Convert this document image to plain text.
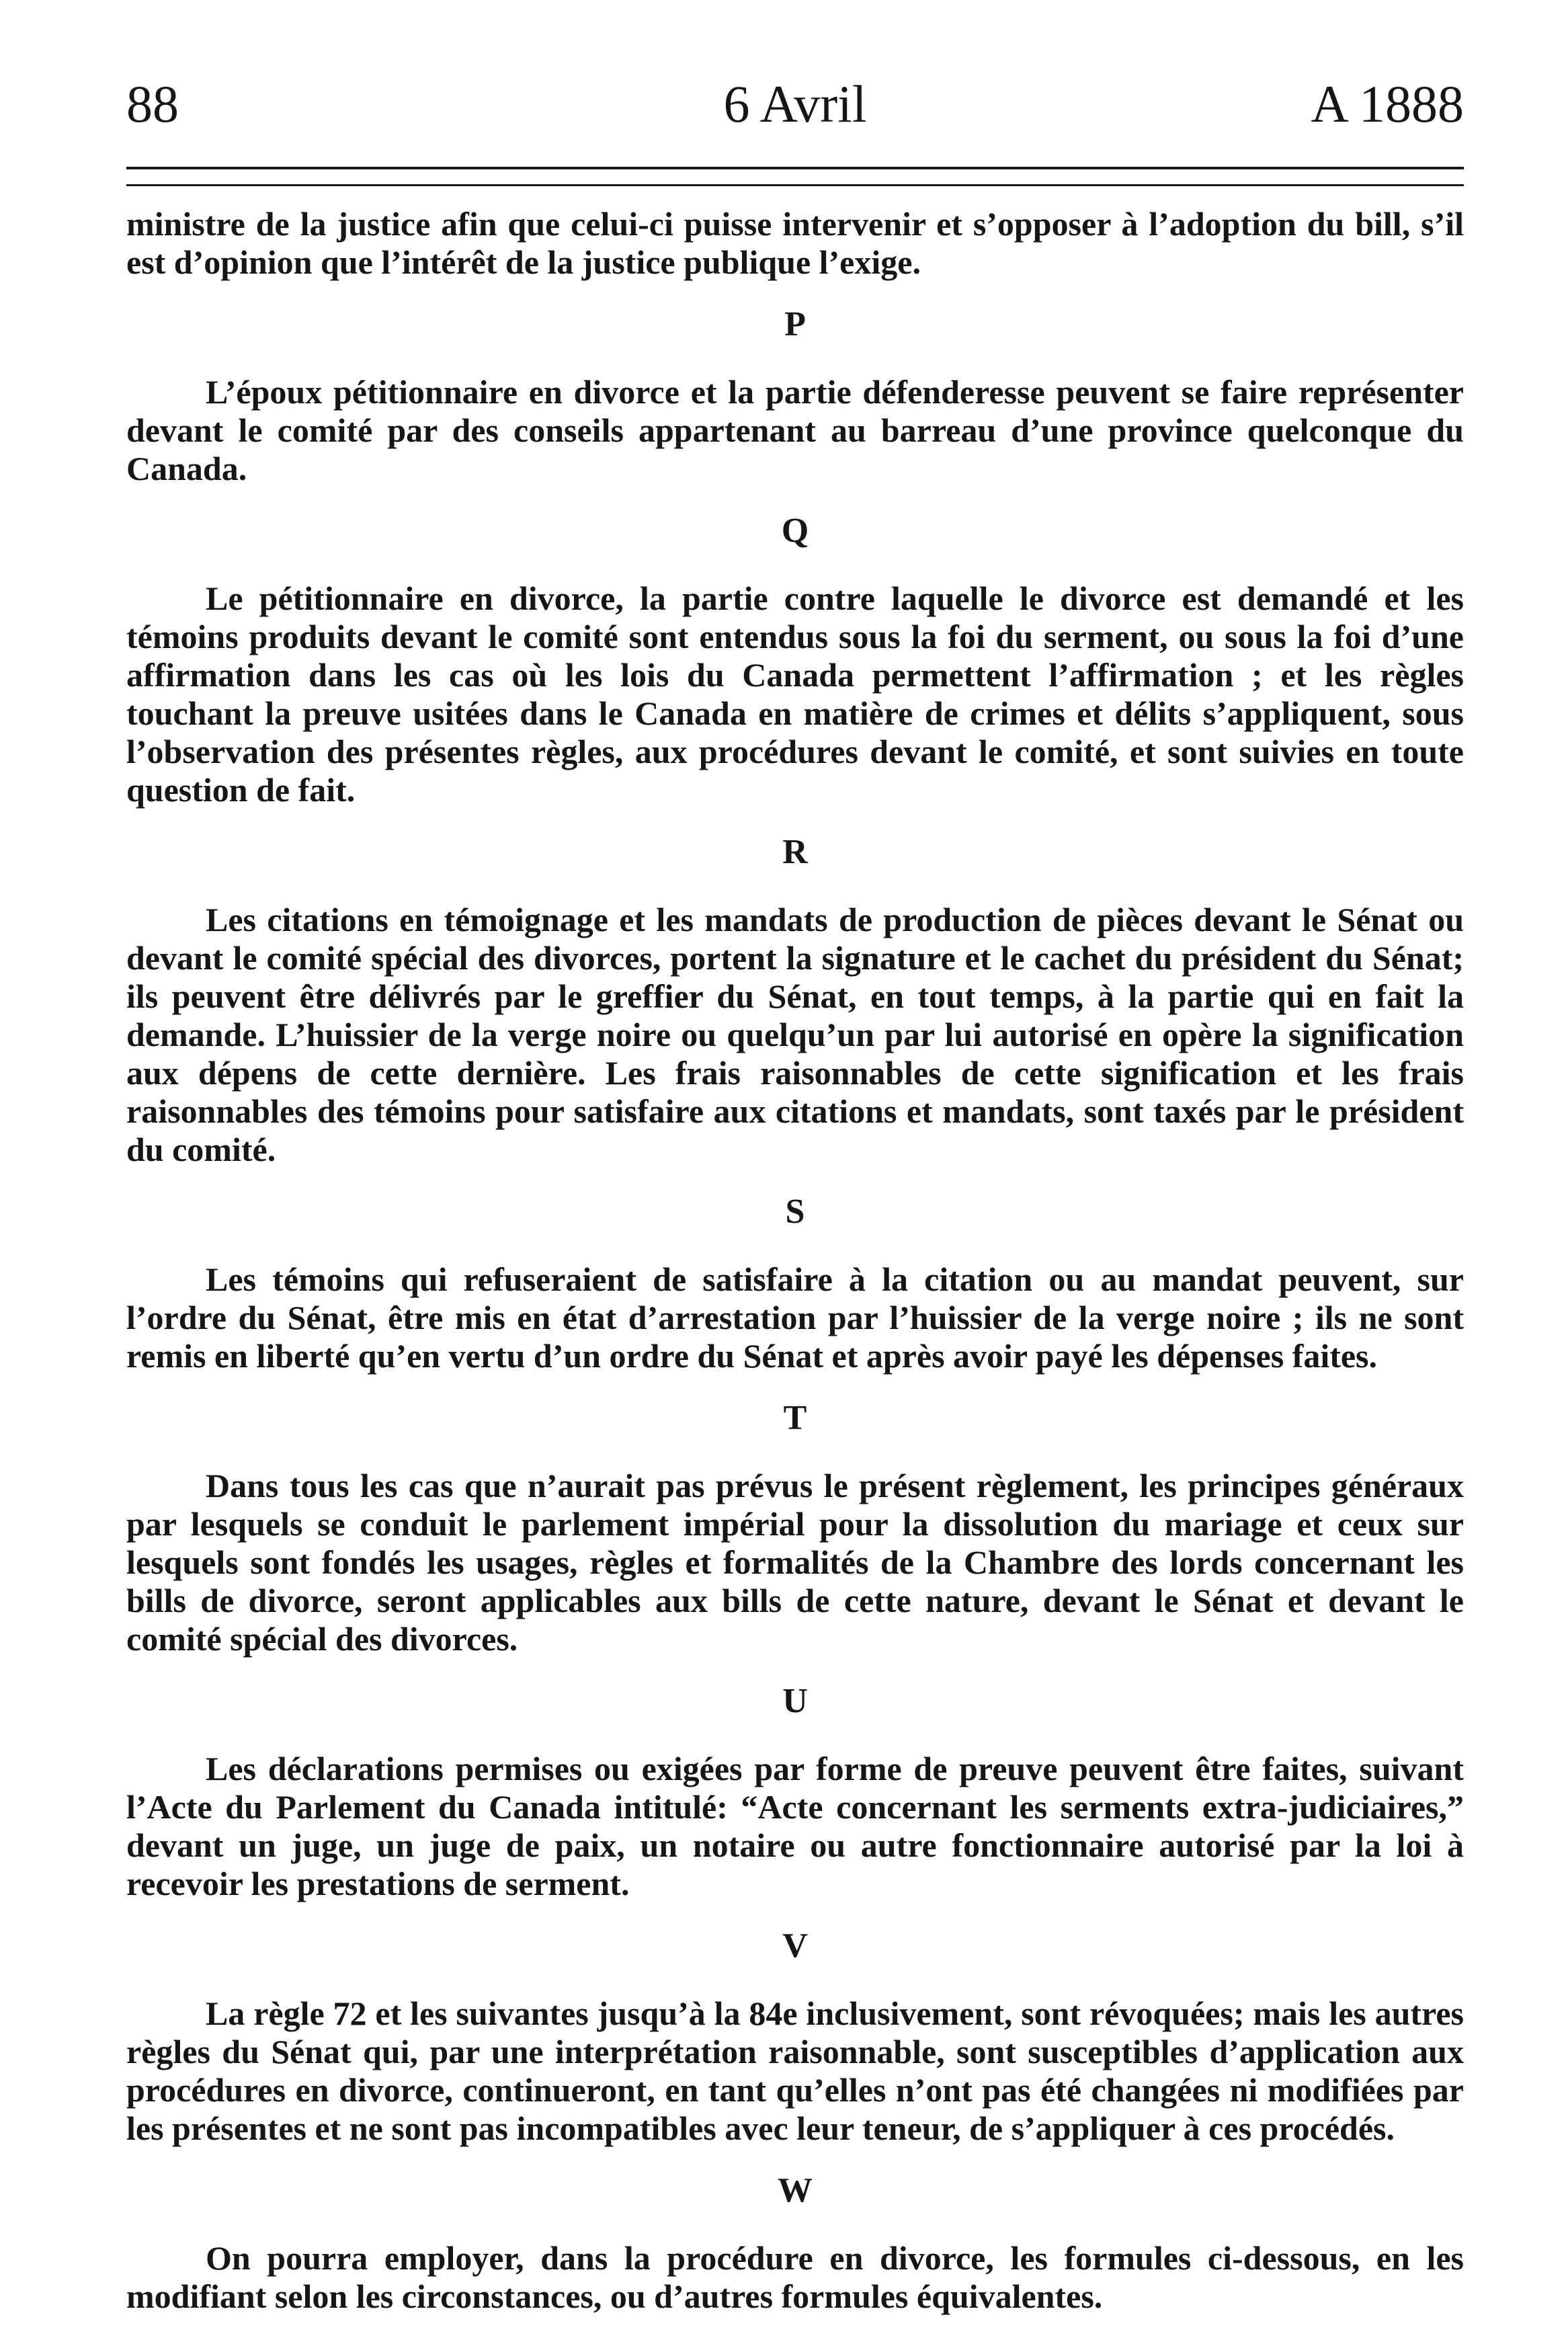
88	6 Avril	A 1888

ministre de la justice afin que celui-ci puisse intervenir et s’opposer à l’adoption du bill, s’il est d’opinion que l’intérêt de la justice publique l’exige.

P

L’époux pétitionnaire en divorce et la partie défenderesse peuvent se faire représenter devant le comité par des conseils appartenant au barreau d’une province quelconque du Canada.

Q

Le pétitionnaire en divorce, la partie contre laquelle le divorce est demandé et les témoins produits devant le comité sont entendus sous la foi du serment, ou sous la foi d’une affirmation dans les cas où les lois du Canada permettent l’affirmation ; et les règles touchant la preuve usitées dans le Canada en matière de crimes et délits s’appliquent, sous l’observation des présentes règles, aux procédures devant le comité, et sont suivies en toute question de fait.

R

Les citations en témoignage et les mandats de production de pièces devant le Sénat ou devant le comité spécial des divorces, portent la signature et le cachet du président du Sénat; ils peuvent être délivrés par le greffier du Sénat, en tout temps, à la partie qui en fait la demande. L’huissier de la verge noire ou quelqu’un par lui autorisé en opère la signification aux dépens de cette dernière. Les frais raisonnables de cette signification et les frais raisonnables des témoins pour satisfaire aux citations et mandats, sont taxés par le président du comité.

S

Les témoins qui refuseraient de satisfaire à la citation ou au mandat peuvent, sur l’ordre du Sénat, être mis en état d’arrestation par l’huissier de la verge noire ; ils ne sont remis en liberté qu’en vertu d’un ordre du Sénat et après avoir payé les dépenses faites.

T

Dans tous les cas que n’aurait pas prévus le présent règlement, les principes généraux par lesquels se conduit le parlement impérial pour la dissolution du mariage et ceux sur lesquels sont fondés les usages, règles et formalités de la Chambre des lords concernant les bills de divorce, seront applicables aux bills de cette nature, devant le Sénat et devant le comité spécial des divorces.

U

Les déclarations permises ou exigées par forme de preuve peuvent être faites, suivant l’Acte du Parlement du Canada intitulé: “Acte concernant les serments extra-judiciaires,” devant un juge, un juge de paix, un notaire ou autre fonctionnaire autorisé par la loi à recevoir les prestations de serment.

V

La règle 72 et les suivantes jusqu’à la 84e inclusivement, sont révoquées; mais les autres règles du Sénat qui, par une interprétation raisonnable, sont susceptibles d’application aux procédures en divorce, continueront, en tant qu’elles n’ont pas été changées ni modifiées par les présentes et ne sont pas incompatibles avec leur teneur, de s’appliquer à ces procédés.

W

On pourra employer, dans la procédure en divorce, les formules ci-dessous, en les modifiant selon les circonstances, ou d’autres formules équivalentes.
